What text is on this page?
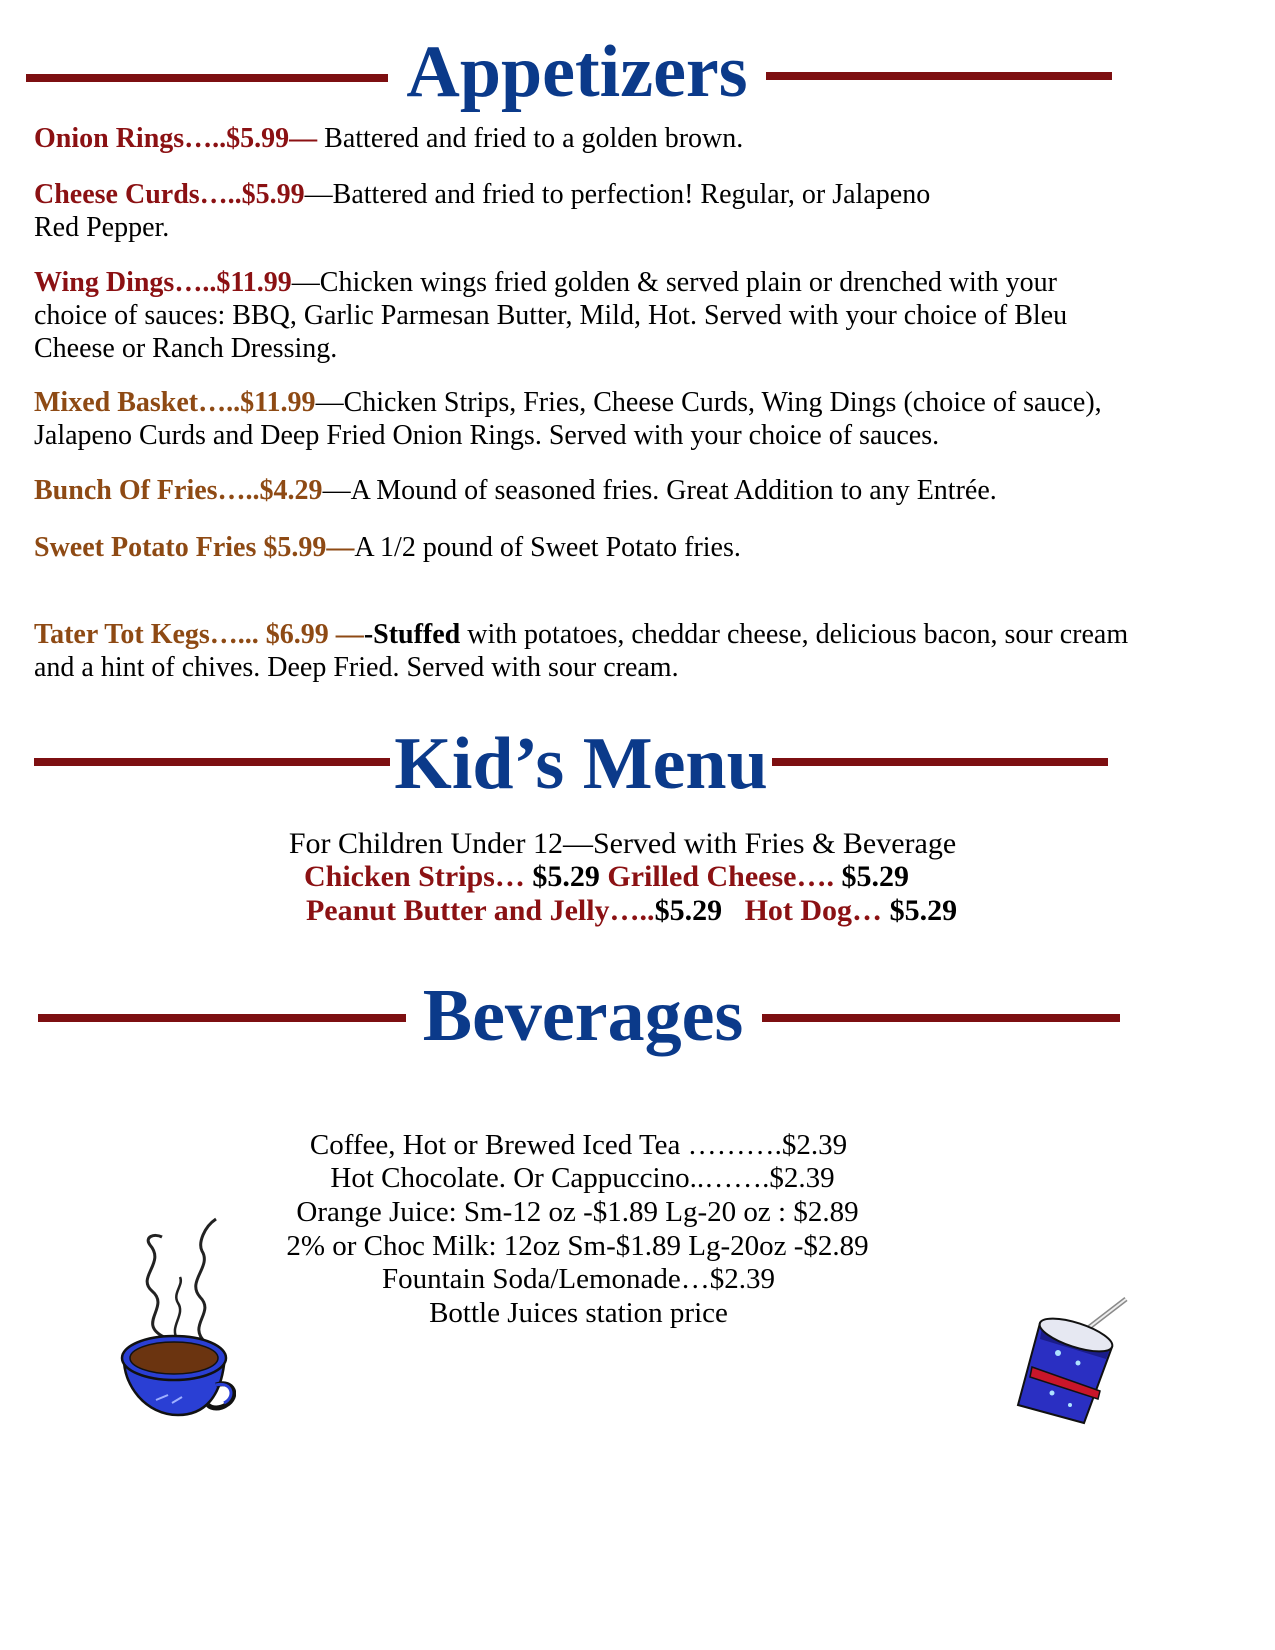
Appetizers

Onion Rings…..$5.99— Battered and fried to a golden brown.

Cheese Curds…..$5.99—Battered and fried to perfection! Regular, or Jalapeno
Red Pepper.

Wing Dings…..$11.99—Chicken wings fried golden & served plain or drenched with your choice of sauces: BBQ, Garlic Parmesan Butter, Mild, Hot. Served with your choice of Bleu Cheese or Ranch Dressing.

Mixed Basket…..$11.99—Chicken Strips, Fries, Cheese Curds, Wing Dings (choice of sauce), Jalapeno Curds and Deep Fried Onion Rings. Served with your choice of sauces.

Bunch Of Fries…..$4.29—A Mound of seasoned fries. Great Addition to any Entrée.

Sweet Potato Fries $5.99—A 1/2 pound of Sweet Potato fries.

Tater Tot Kegs…... $6.99 —-Stuffed with potatoes, cheddar cheese, delicious bacon, sour cream and a hint of chives. Deep Fried. Served with sour cream.

Kid’s Menu

For Children Under 12—Served with Fries & Beverage

Chicken Strips… $5.29 Grilled Cheese…. $5.29

Peanut Butter and Jelly…..$5.29   Hot Dog… $5.29

Beverages

Coffee, Hot or Brewed Iced Tea ……….$2.39

Hot Chocolate. Or Cappuccino..…….$2.39

Orange Juice: Sm-12 oz -$1.89 Lg-20 oz : $2.89

2% or Choc Milk: 12oz Sm-$1.89 Lg-20oz -$2.89

Fountain Soda/Lemonade…$2.39

Bottle Juices station price
